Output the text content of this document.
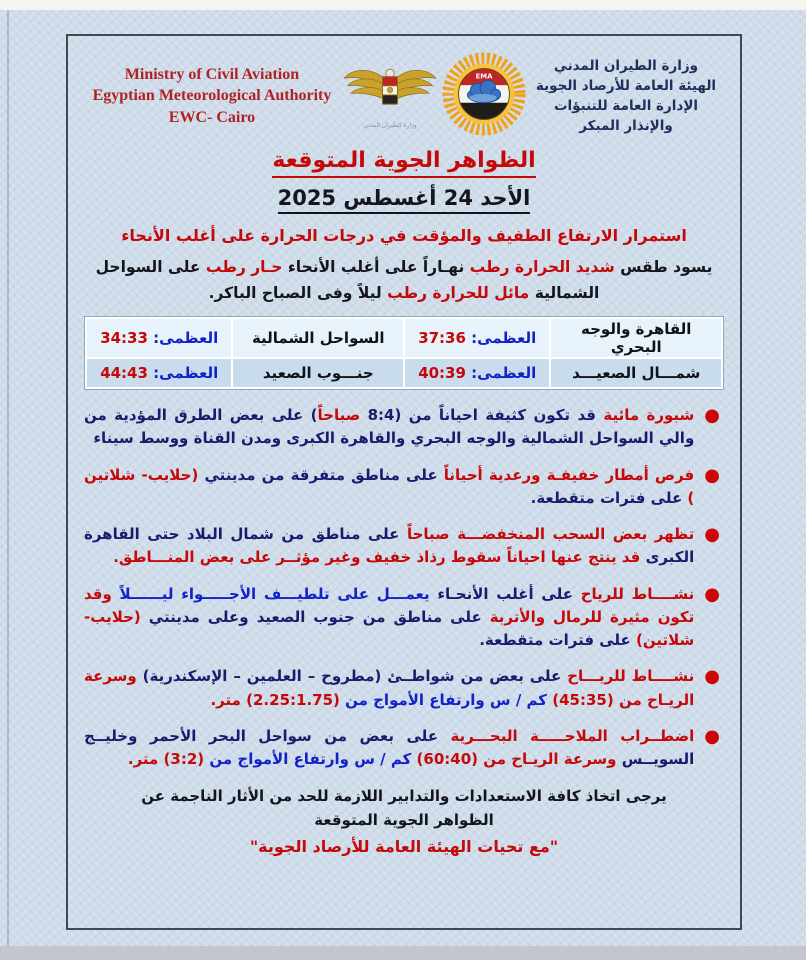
Ministry of Civil Aviation
Egyptian Meteorological Authority
EWC- Cairo
وزارة الطيران المدني
EMA
وزارة الطيران المدني
الهيئة العامة للأرصاد الجوية
الإدارة العامة للتنبؤات والإنذار المبكر
الظواهر الجوية المتوقعة
الأحد 24 أغسطس 2025
استمرار الارتفاع الطفيف والمؤقت في درجات الحرارة على أغلب الأنحاء
يسود طقس شديد الحرارة رطب نهـاراً على أغلب الأنحاء حـار رطب على السواحل الشمالية مائل للحرارة رطب ليلاً وفى الصباح الباكر.
القاهرة والوجه البحري	العظمى: 37:36	السواحل الشمالية	العظمى: 34:33
شمـــال الصعيـــد	العظمى: 40:39	جنـــوب الصعيد	العظمى: 44:43
●
شبورة مائية قد تكون كثيفة احياناً من (8:4 صباحاً) على بعض الطرق المؤدية من والي السواحل الشمالية والوجه البحري والقاهرة الكبرى ومدن القناة ووسط سيناء
●
فرص أمطار خفيفـة ورعدية أحياناً على مناطق متفرقة من مدينتي (حلايب- شلاتين ) على فترات متقطعة.
●
تظهر بعض السحب المنخفضـــة صباحاً على مناطق من شمال البلاد حتى القاهرة الكبرى قد ينتج عنها احياناً سقوط رذاذ خفيف وغير مؤثــر على بعض المنـــاطق.
●
نشــــاط للرياح على أغلب الأنحـاء يعمـــل على تلطيـــف الأجـــــواء ليــــــلاً وقد تكون مثيرة للرمال والأتربة على مناطق من جنوب الصعيد وعلى مدينتي (حلايب- شلاتين) على فترات متقطعة.
●
نشــــاط للريـــاح على بعض من شواطــئ (مطروح – العلمين – الإسكندرية) وسرعة الريـاح من (45:35) كم / س وارتفاع الأمواج من (2.25:1.75) متر.
●
اضطــراب الملاحـــــة البحـــرية على بعض من سواحل البحر الأحمر وخليــج السويــس وسرعة الريـاح من (60:40) كم / س وارتفاع الأمواج من (3:2) متر.
يرجى اتخاذ كافة الاستعدادات والتدابير اللازمة للحد من الأثار الناجمة عن
الظواهر الجوية المتوقعة
"مع تحيات الهيئة العامة للأرصاد الجوية"
